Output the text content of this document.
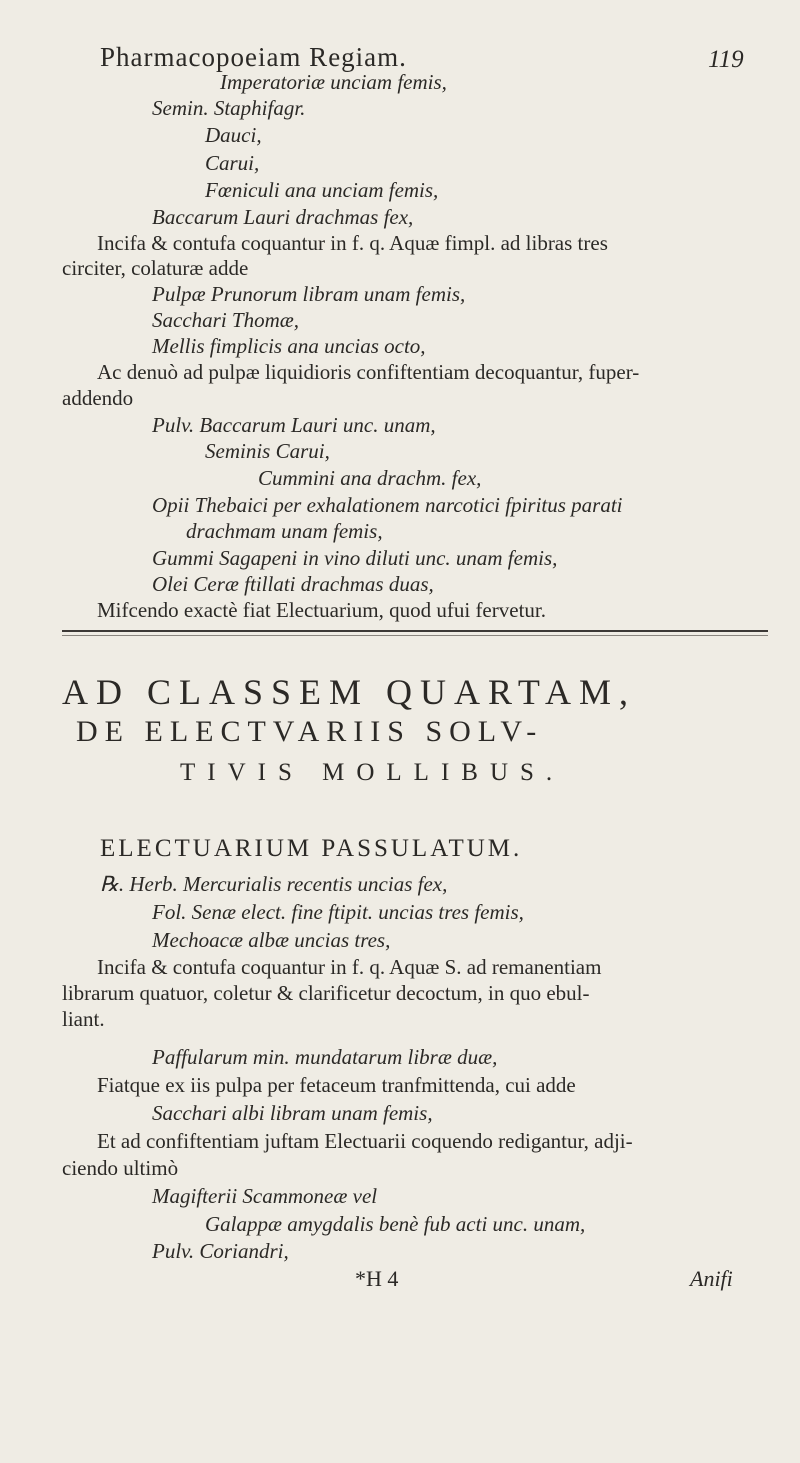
Pharmacopoeiam Regiam.	119
Imperatoriæ unciam femis,
Semin. Staphifagr.
Dauci,
Carui,
Fœniculi ana unciam femis,
Baccarum Lauri drachmas fex,
Incifa & contufa coquantur in f. q. Aquæ fimpl. ad libras tres
circiter, colaturæ adde
Pulpæ Prunorum libram unam femis,
Sacchari Thomæ,
Mellis fimplicis ana uncias octo,
Ac denuò ad pulpæ liquidioris confiftentiam decoquantur, fuper-
addendo
Pulv. Baccarum Lauri unc. unam,
Seminis Carui,
Cummini ana drachm. fex,
Opii Thebaici per exhalationem narcotici fpiritus parati
drachmam unam femis,
Gummi Sagapeni in vino diluti unc. unam femis,
Olei Ceræ ftillati drachmas duas,
Mifcendo exactè fiat Electuarium, quod ufui fervetur.
AD CLASSEM QUARTAM,
DE ELECTVARIIS SOLV-
TIVIS MOLLIBUS.
ELECTUARIUM PASSULATUM.
℞. Herb. Mercurialis recentis uncias fex,
Fol. Senæ elect. fine ftipit. uncias tres femis,
Mechoacæ albæ uncias tres,
Incifa & contufa coquantur in f. q. Aquæ S. ad remanentiam
librarum quatuor, coletur & clarificetur decoctum, in quo ebul-
liant.
Paffularum min. mundatarum libræ duæ,
Fiatque ex iis pulpa per fetaceum tranfmittenda, cui adde
Sacchari albi libram unam femis,
Et ad confiftentiam juftam Electuarii coquendo redigantur, adji-
ciendo ultimò
Magifterii Scammoneæ vel
Galappæ amygdalis benè fub acti unc. unam,
Pulv. Coriandri,
*H 4	Anifi
